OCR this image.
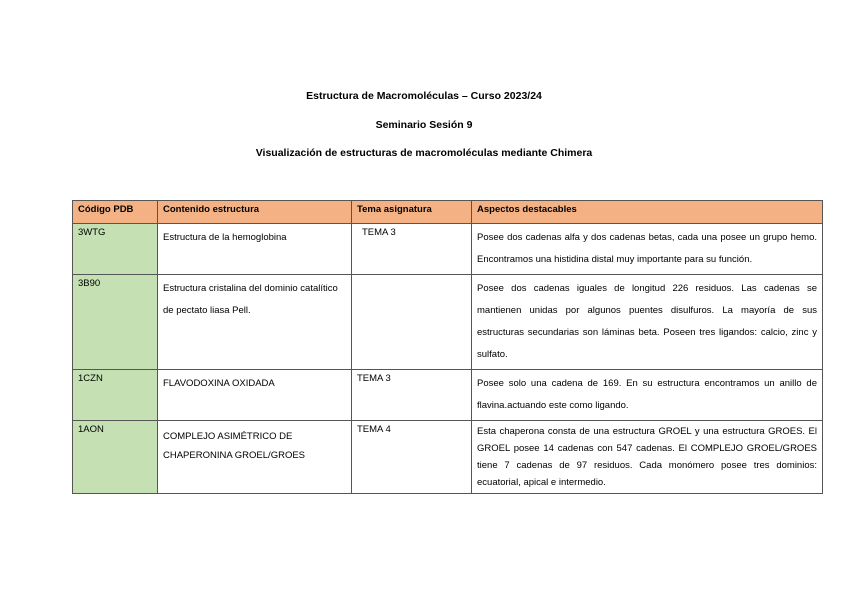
Estructura de Macromoléculas – Curso 2023/24
Seminario Sesión 9
Visualización de estructuras de macromoléculas mediante Chimera
Código PDB	Contenido estructura	Tema asignatura	Aspectos destacables
3WTG	Estructura de la hemoglobina	TEMA 3	Posee dos cadenas alfa y dos cadenas betas, cada una posee un grupo hemo. Encontramos una histidina distal muy importante para su función.
3B90	Estructura cristalina del dominio catalítico de pectato liasa Pell.		Posee dos cadenas iguales de longitud 226 residuos. Las cadenas se mantienen unidas por algunos puentes disulfuros. La mayoría de sus estructuras secundarias son láminas beta. Poseen tres ligandos: calcio, zinc y sulfato.
1CZN	FLAVODOXINA OXIDADA	TEMA 3	Posee solo una cadena de 169. En su estructura encontramos un anillo de flavina.actuando este como ligando.
1AON	COMPLEJO ASIMÉTRICO DE CHAPERONINA GROEL/GROES	TEMA 4	Esta chaperona consta de una estructura GROEL y una estructura GROES. El GROEL posee 14 cadenas con 547 cadenas. El COMPLEJO GROEL/GROES tiene 7 cadenas de 97 residuos. Cada monómero posee tres dominios: ecuatorial, apical e intermedio.
